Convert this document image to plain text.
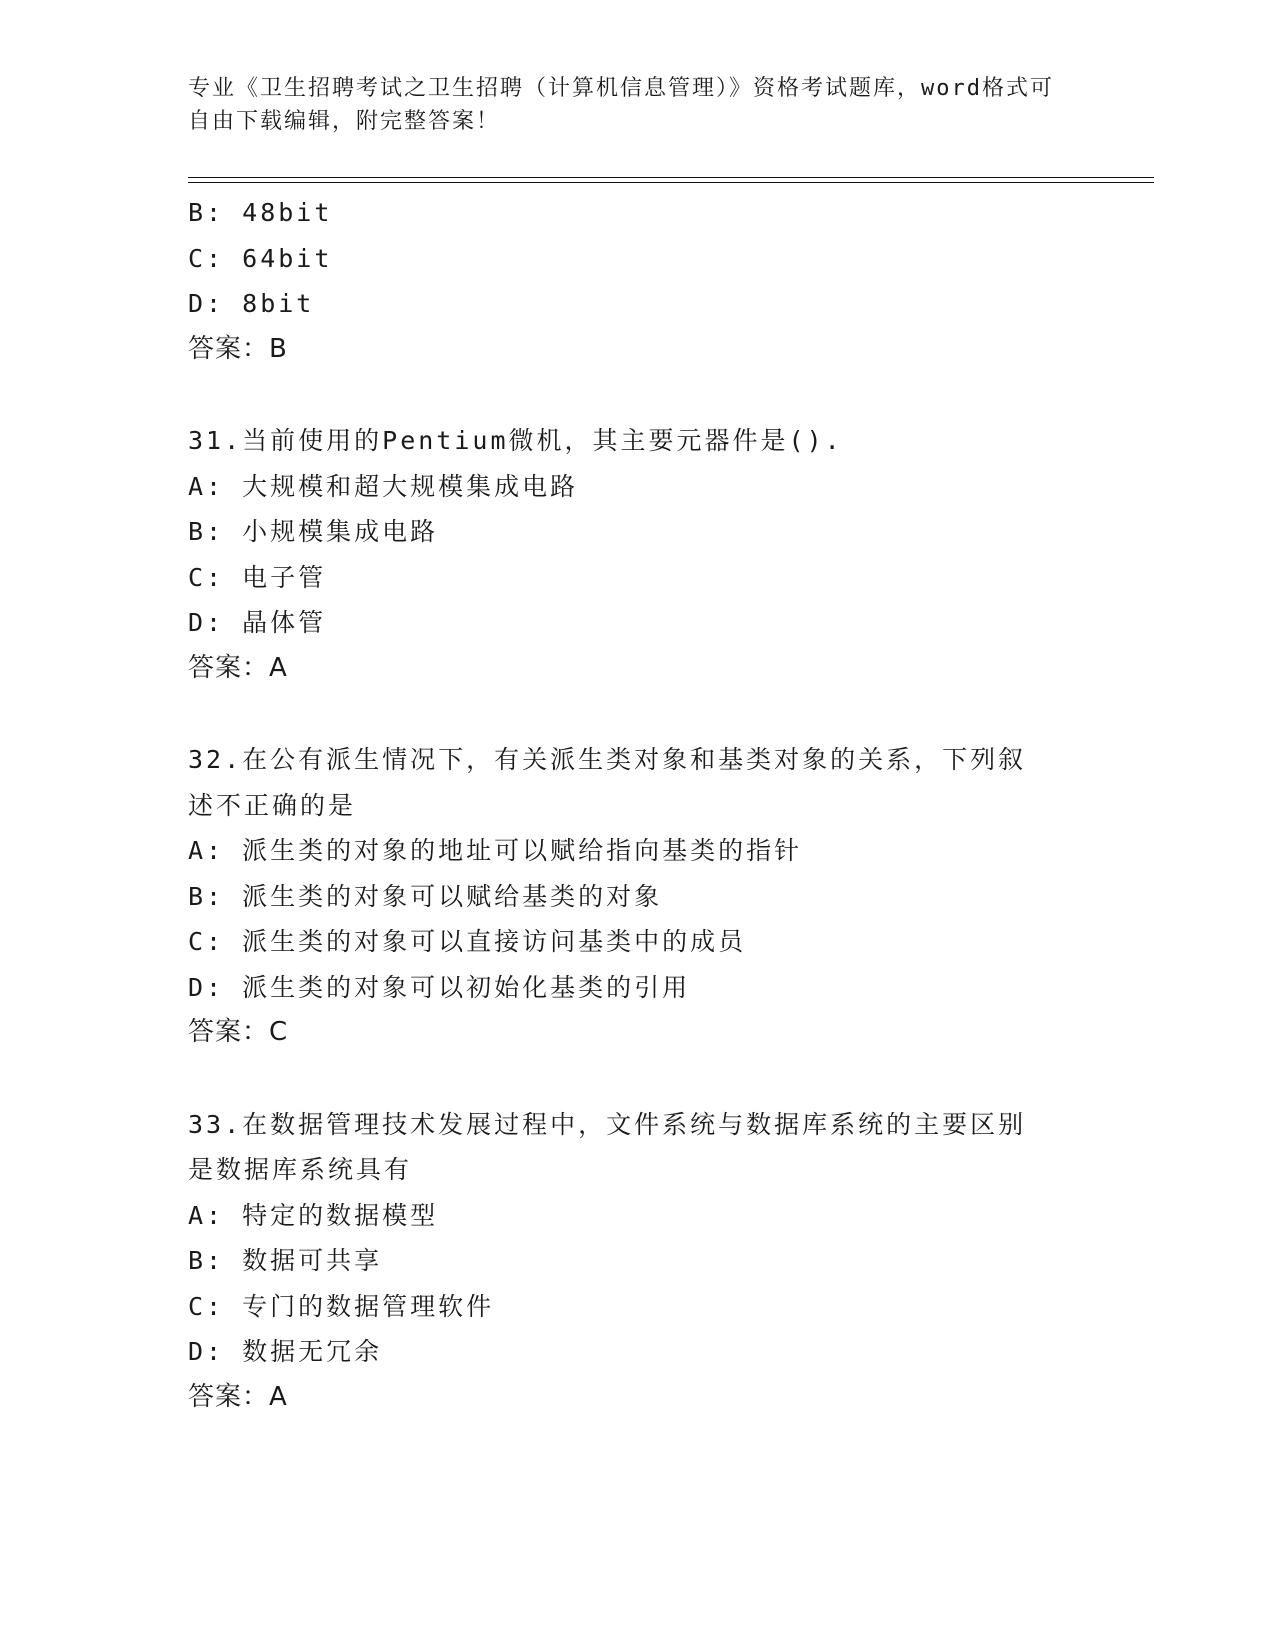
专业《卫生招聘考试之卫生招聘（计算机信息管理）》资格考试题库，word格式可自由下载编辑，附完整答案！
B: 48bit
C: 64bit
D: 8bit
答案：B
31.当前使用的Pentium微机，其主要元器件是().
A: 大规模和超大规模集成电路
B: 小规模集成电路
C: 电子管
D: 晶体管
答案：A
32.在公有派生情况下，有关派生类对象和基类对象的关系，下列叙述不正确的是
A: 派生类的对象的地址可以赋给指向基类的指针
B: 派生类的对象可以赋给基类的对象
C: 派生类的对象可以直接访问基类中的成员
D: 派生类的对象可以初始化基类的引用
答案：C
33.在数据管理技术发展过程中，文件系统与数据库系统的主要区别是数据库系统具有
A: 特定的数据模型
B: 数据可共享
C: 专门的数据管理软件
D: 数据无冗余
答案：A
